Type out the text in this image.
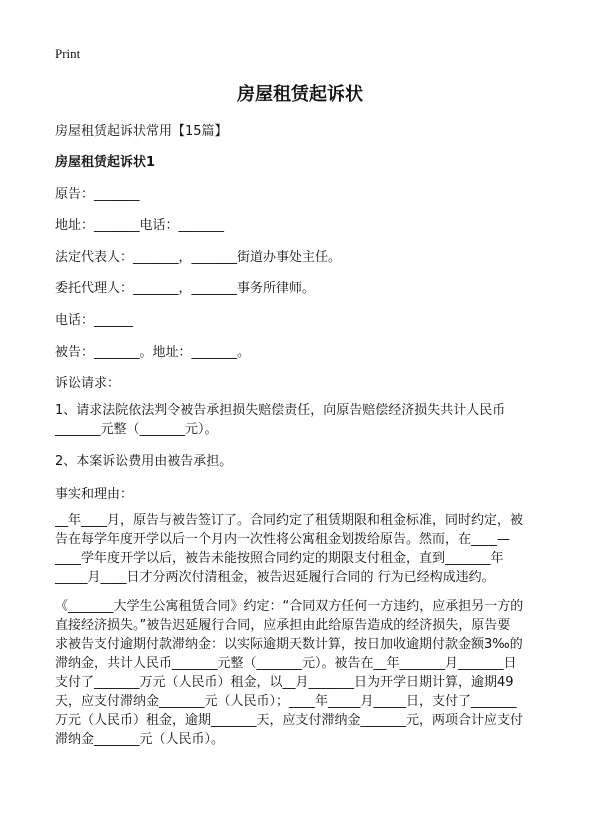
Print
房屋租赁起诉状
房屋租赁起诉状常用【15篇】
房屋租赁起诉状1
原告：_______
地址：_______电话：_______
法定代表人：_______，_______街道办事处主任。
委托代理人：_______，_______事务所律师。
电话：______
被告：_______。地址：_______。
诉讼请求：
1、请求法院依法判令被告承担损失赔偿责任，向原告赔偿经济损失共计人民币
_______元整（_______元）。
2、本案诉讼费用由被告承担。
事实和理由：
__年____月，原告与被告签订了。合同约定了租赁期限和租金标准，同时约定，被
告在每学年度开学以后一个月内一次性将公寓租金划拨给原告。然而，在____—
____学年度开学以后，被告未能按照合同约定的期限支付租金，直到_______年
_____月____日才分两次付清租金，被告迟延履行合同的 行为已经构成违约。
《_______大学生公寓租赁合同》约定：“合同双方任何一方违约，应承担另一方的
直接经济损失。”被告迟延履行合同，应承担由此给原告造成的经济损失，原告要
求被告支付逾期付款滞纳金：以实际逾期天数计算，按日加收逾期付款金额3‰的
滞纳金，共计人民币_______元整（_______元）。被告在__年_______月_______日
支付了_______万元（人民币）租金，以__月_______日为开学日期计算，逾期49
天，应支付滞纳金_______元（人民币）；____年_____月_____日，支付了_______
万元（人民币）租金，逾期_______天，应支付滞纳金_______元，两项合计应支付
滞纳金_______元（人民币）。
